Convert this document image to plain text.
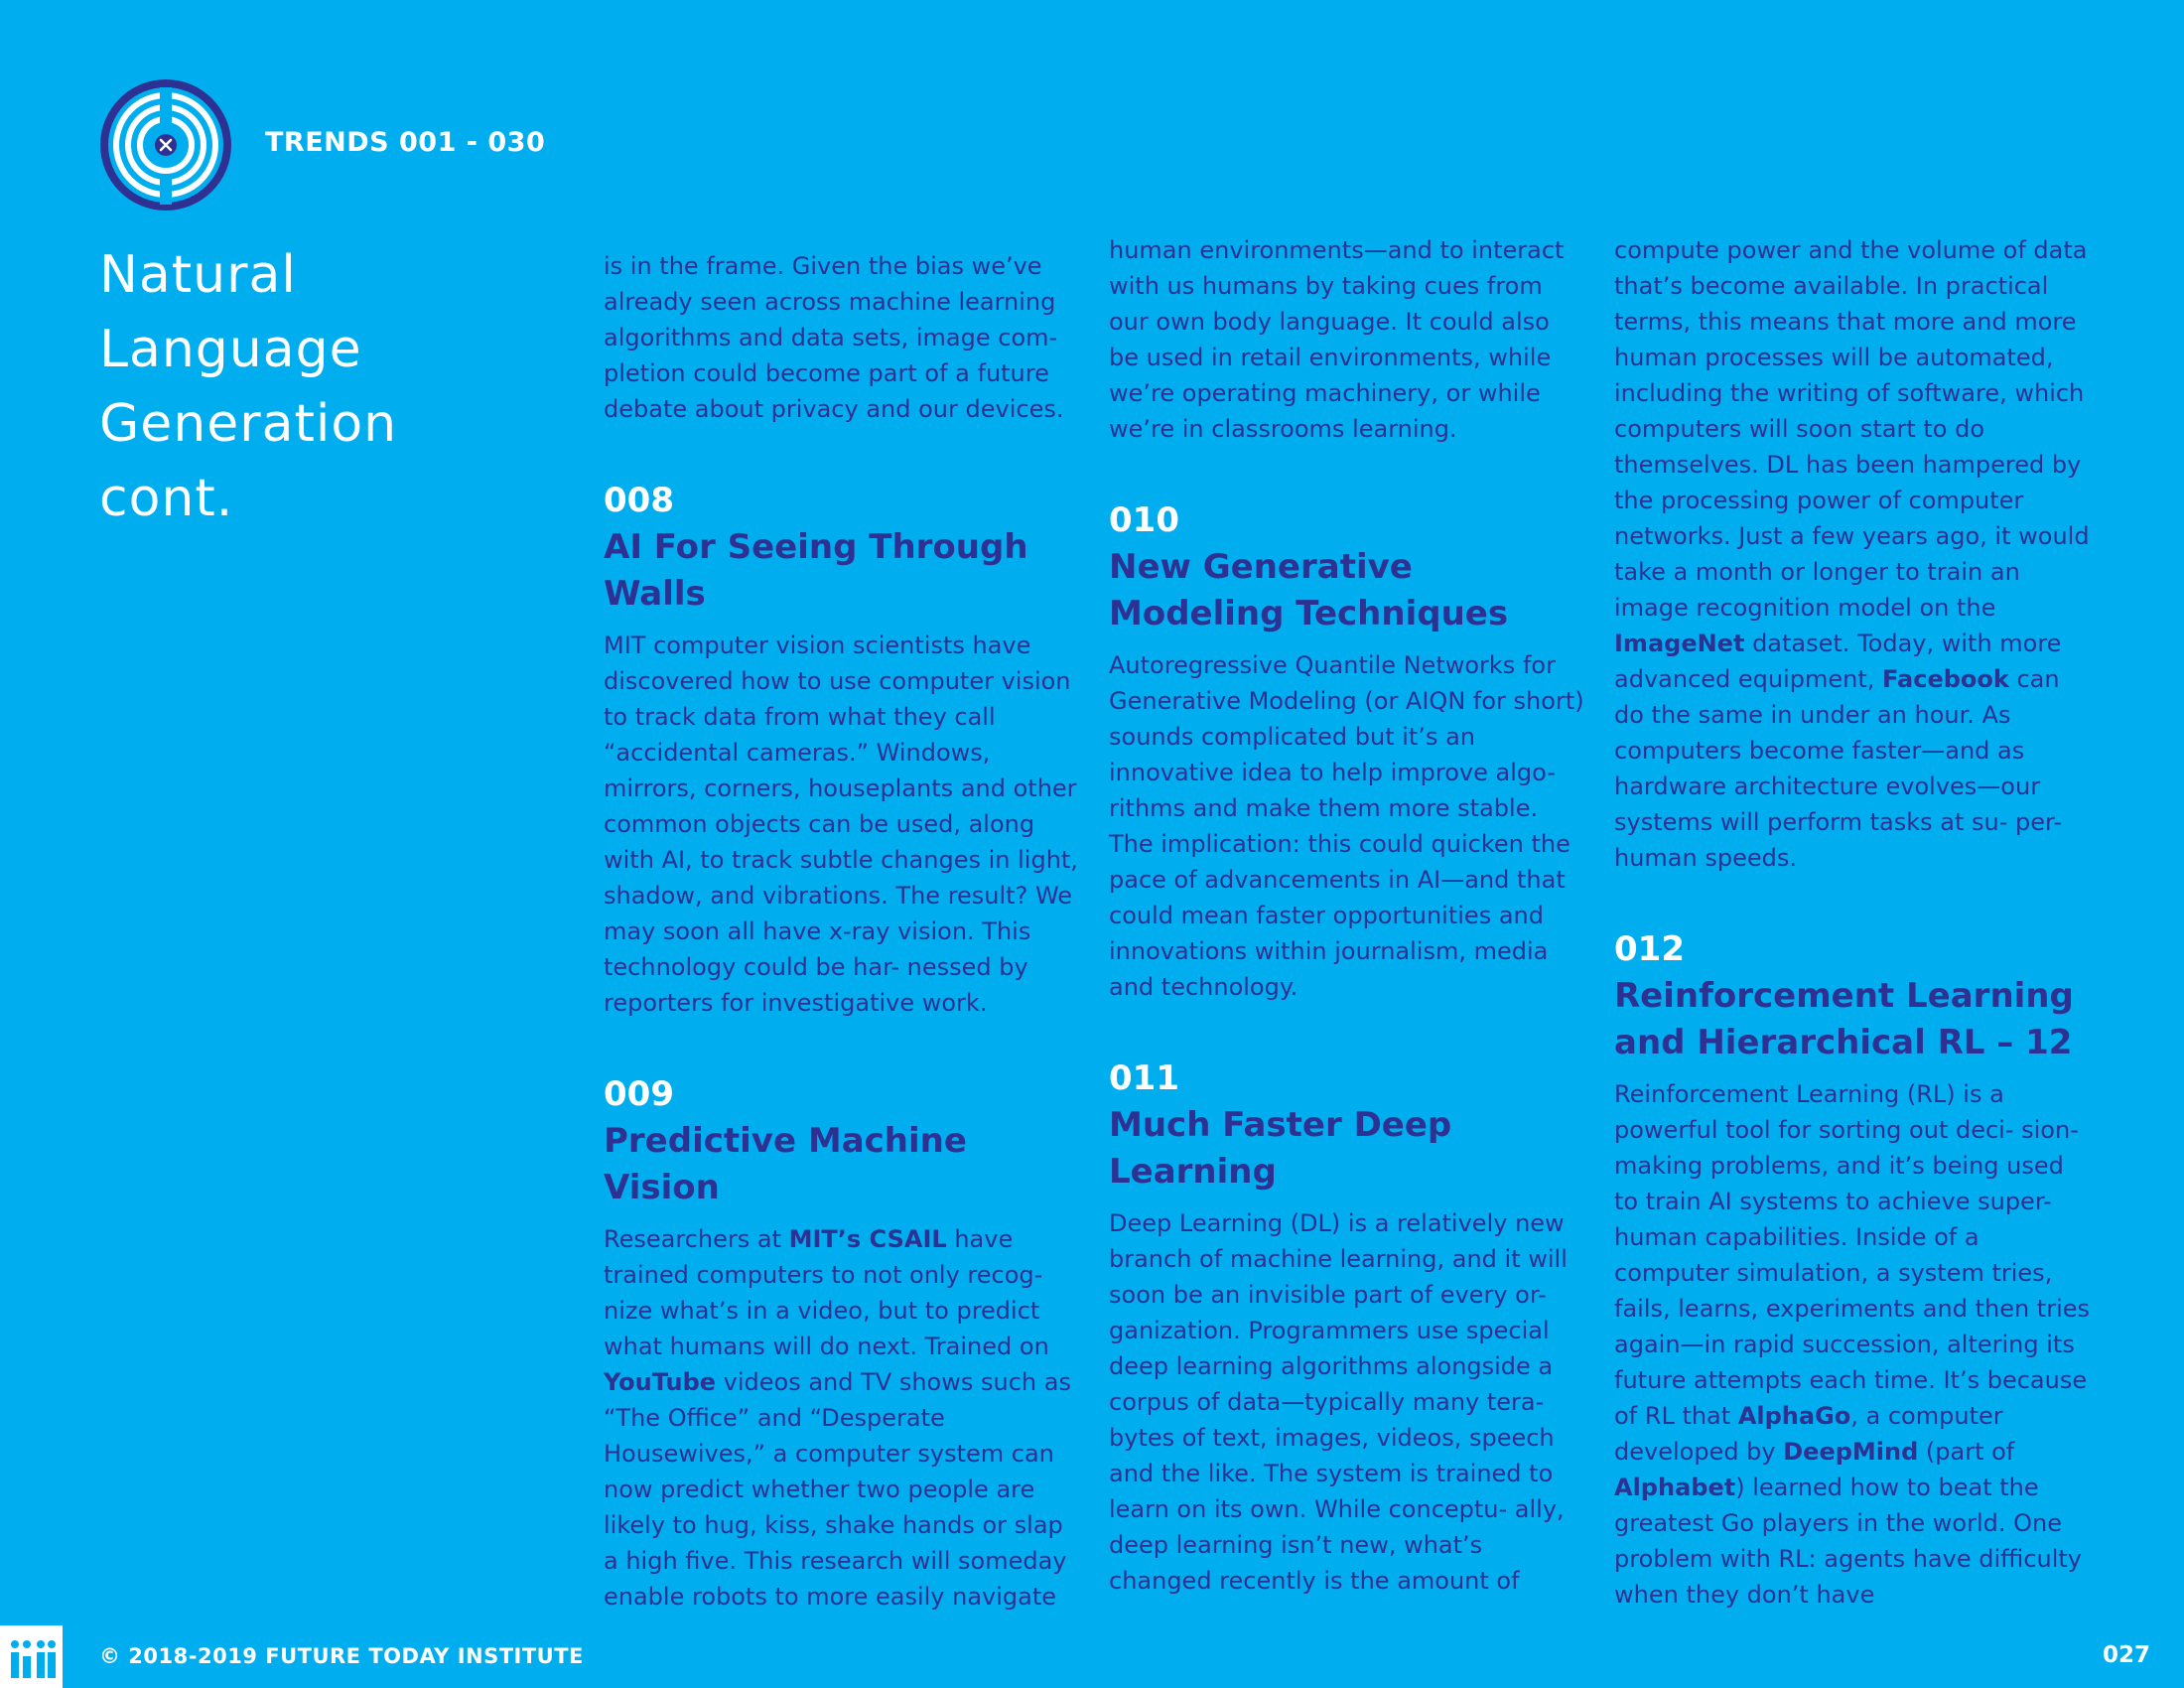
TRENDS 001 - 030
Natural
Language
Generation
cont.

is in the frame. Given the bias we’ve already seen across machine learning algorithms and data sets, image com- pletion could become part of a future debate about privacy and our devices.

008
AI For Seeing Through Walls

MIT computer vision scientists have discovered how to use computer vision to track data from what they call “accidental cameras.” Windows, mirrors, corners, houseplants and other common objects can be used, along with AI, to track subtle changes in light, shadow, and vibrations. The result? We may soon all have x-ray vision. This technology could be har- nessed by reporters for investigative work.

009
Predictive Machine Vision

Researchers at MIT’s CSAIL have trained computers to not only recog- nize what’s in a video, but to predict what humans will do next. Trained on YouTube videos and TV shows such as “The Office” and “Desperate Housewives,” a computer system can now predict whether two people are likely to hug, kiss, shake hands or slap a high five. This research will someday enable robots to more easily navigate

human environments—and to interact with us humans by taking cues from our own body language. It could also be used in retail environments, while we’re operating machinery, or while we’re in classrooms learning.

010
New Generative Modeling Techniques

Autoregressive Quantile Networks for Generative Modeling (or AIQN for short) sounds complicated but it’s an innovative idea to help improve algo- rithms and make them more stable. The implication: this could quicken the pace of advancements in AI—and that could mean faster opportunities and innovations within journalism, media and technology.

011
Much Faster Deep Learning

Deep Learning (DL) is a relatively new branch of machine learning, and it will soon be an invisible part of every or- ganization. Programmers use special deep learning algorithms alongside a corpus of data—typically many tera- bytes of text, images, videos, speech and the like. The system is trained to learn on its own. While conceptu- ally, deep learning isn’t new, what’s changed recently is the amount of

compute power and the volume of data that’s become available. In practical terms, this means that more and more human processes will be automated, including the writing of software, which computers will soon start to do themselves. DL has been hampered by the processing power of computer networks. Just a few years ago, it would take a month or longer to train an image recognition model on the ImageNet dataset. Today, with more advanced equipment, Facebook can do the same in under an hour. As computers become faster—and as hardware architecture evolves—our systems will perform tasks at su- per-human speeds.

012
Reinforcement Learning and Hierarchical RL – 12

Reinforcement Learning (RL) is a powerful tool for sorting out deci- sion-making problems, and it’s being used to train AI systems to achieve super-human capabilities. Inside of a computer simulation, a system tries, fails, learns, experiments and then tries again—in rapid succession, altering its future attempts each time. It’s because of RL that AlphaGo, a computer developed by DeepMind (part of Alphabet) learned how to beat the greatest Go players in the world. One problem with RL: agents have difficulty when they don’t have

© 2018-2019 FUTURE TODAY INSTITUTE	027
